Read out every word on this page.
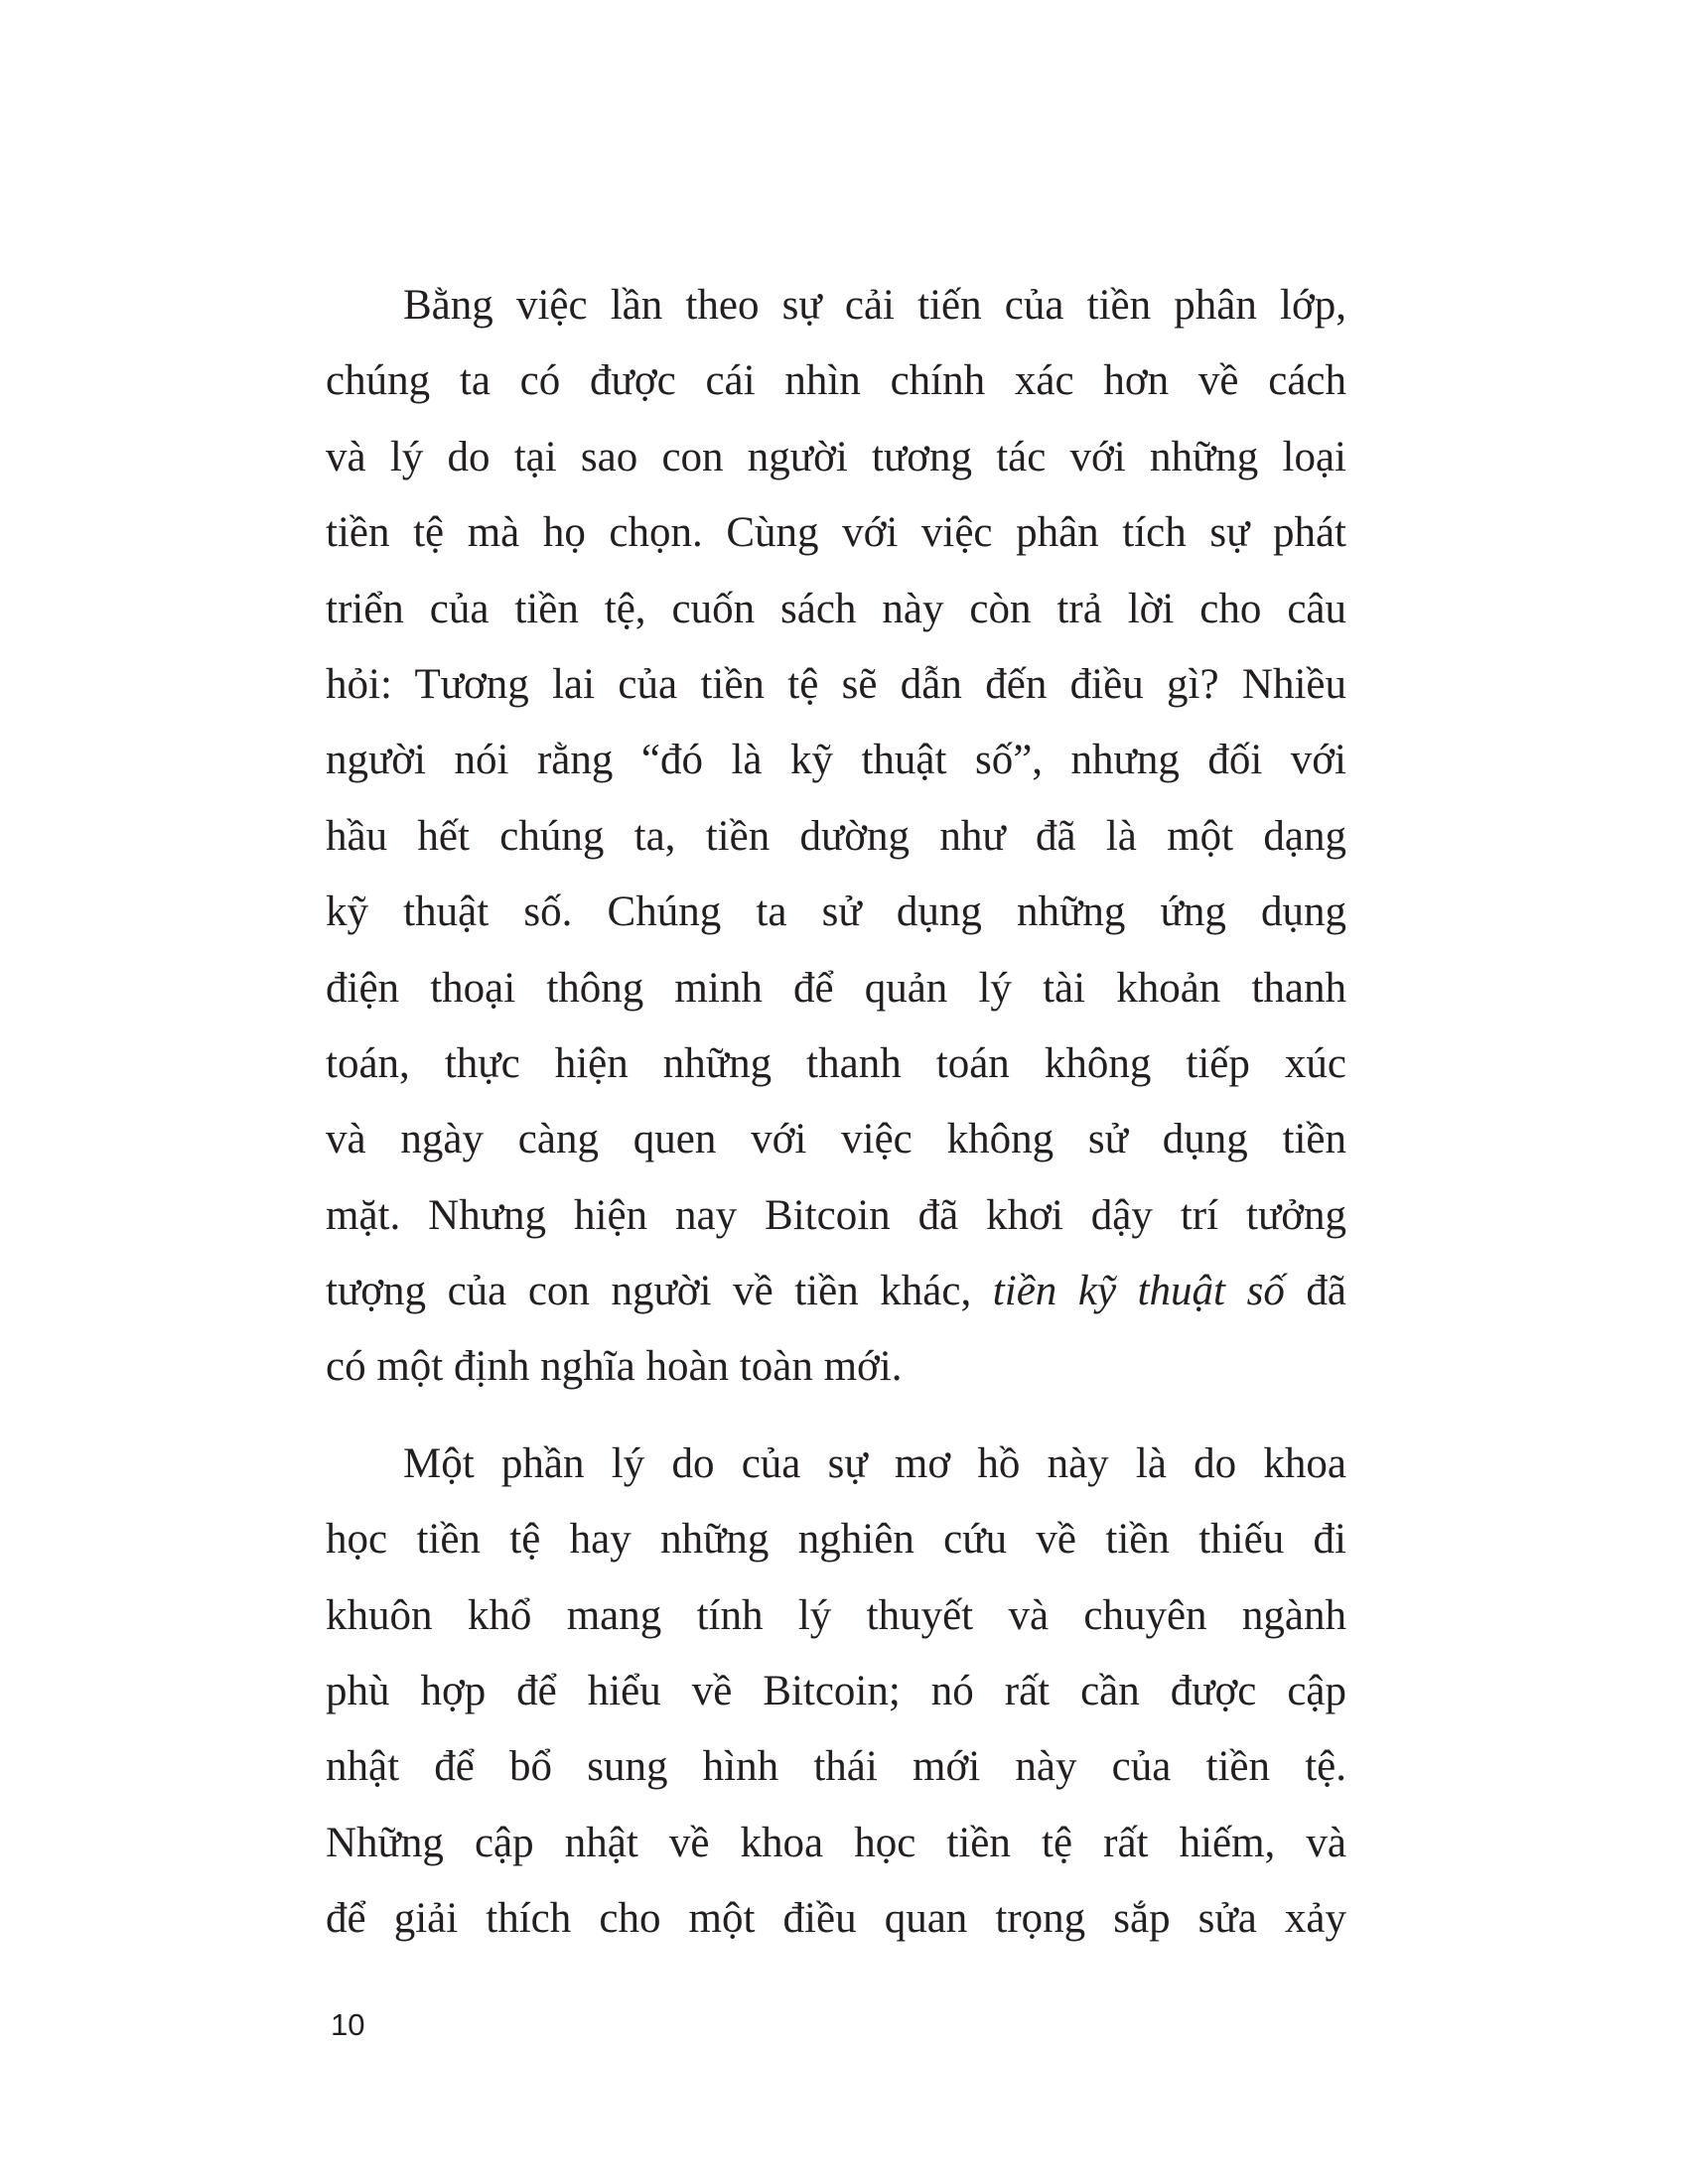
Bằng việc lần theo sự cải tiến của tiền phân lớp,
chúng ta có được cái nhìn chính xác hơn về cách
và lý do tại sao con người tương tác với những loại
tiền tệ mà họ chọn. Cùng với việc phân tích sự phát
triển của tiền tệ, cuốn sách này còn trả lời cho câu
hỏi: Tương lai của tiền tệ sẽ dẫn đến điều gì? Nhiều
người nói rằng “đó là kỹ thuật số”, nhưng đối với
hầu hết chúng ta, tiền dường như đã là một dạng
kỹ thuật số. Chúng ta sử dụng những ứng dụng
điện thoại thông minh để quản lý tài khoản thanh
toán, thực hiện những thanh toán không tiếp xúc
và ngày càng quen với việc không sử dụng tiền
mặt. Nhưng hiện nay Bitcoin đã khơi dậy trí tưởng
tượng của con người về tiền khác, tiền kỹ thuật số đã
có một định nghĩa hoàn toàn mới.
Một phần lý do của sự mơ hồ này là do khoa
học tiền tệ hay những nghiên cứu về tiền thiếu đi
khuôn khổ mang tính lý thuyết và chuyên ngành
phù hợp để hiểu về Bitcoin; nó rất cần được cập
nhật để bổ sung hình thái mới này của tiền tệ.
Những cập nhật về khoa học tiền tệ rất hiếm, và
để giải thích cho một điều quan trọng sắp sửa xảy
10
